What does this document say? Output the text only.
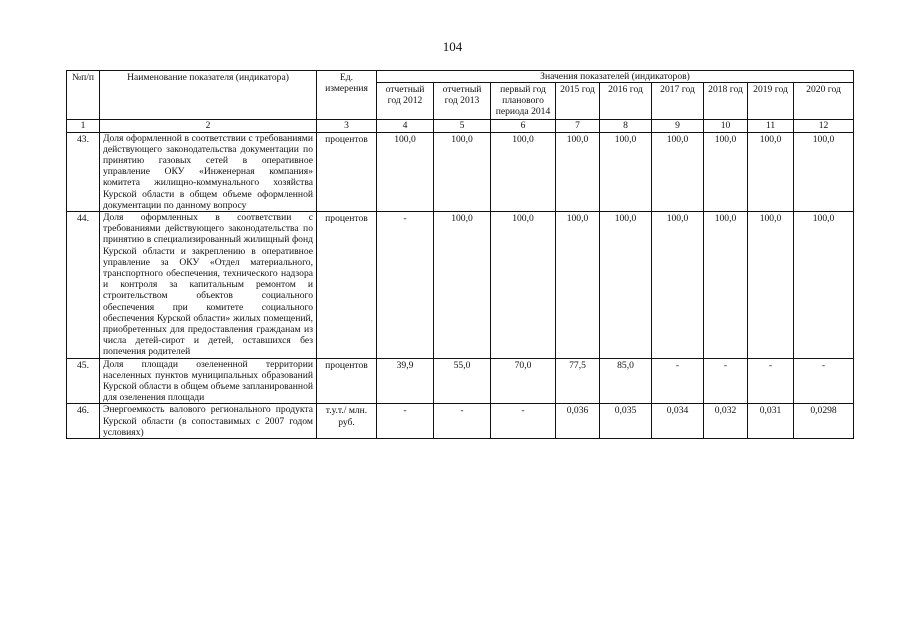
104
№п/п	Наименование показателя (индикатора)	Ед. измерения	Значения показателей (индикаторов)								
			отчетный год 2012	отчетный год 2013	первый год планового периода 2014	2015 год	2016 год	2017 год	2018 год	2019 год	2020 год
1	2	3	4	5	6	7	8	9	10	11	12
43.	Доля оформленной в соответствии с требованиями действующего законодательства документации по принятию газовых сетей в оперативное управление ОКУ «Инженерная компания» комитета жилищно-коммунального хозяйства Курской области в общем объеме оформленной документации по данному вопросу	процентов	100,0	100,0	100,0	100,0	100,0	100,0	100,0	100,0	100,0
44.	Доля оформленных в соответствии с требованиями действующего законодательства по принятию в специализированный жилищный фонд Курской области и закреплению в оперативное управление за ОКУ «Отдел материального, транспортного обеспечения, технического надзора и контроля за капитальным ремонтом и строительством объектов социального обеспечения при комитете социального обеспечения Курской области» жилых помещений, приобретенных для предоставления гражданам из числа детей-сирот и детей, оставшихся без попечения родителей	процентов	-	100,0	100,0	100,0	100,0	100,0	100,0	100,0	100,0
45.	Доля площади озелененной территории населенных пунктов муниципальных образований Курской области в общем объеме запланированной для озеленения площади	процентов	39,9	55,0	70,0	77,5	85,0	-	-	-	-
46.	Энергоемкость валового регионального продукта Курской области (в сопоставимых с 2007 годом условиях)	т.у.т./ млн. руб.	-	-	-	0,036	0,035	0,034	0,032	0,031	0,0298
